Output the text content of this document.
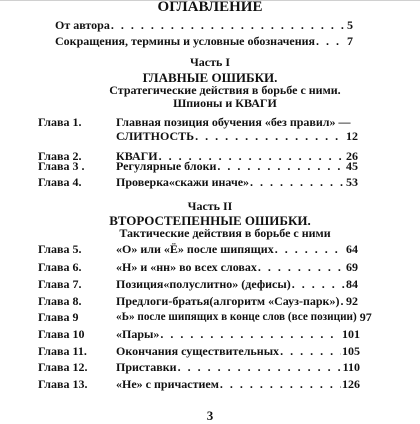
ОГЛАВЛЕНИЕ
От автора . . .	5
Сокращения, термины и условные обозначения . . .	7
Часть I
ГЛАВНЫЕ ОШИБКИ.
Стратегические действия в борьбе с ними.
Шпионы и КВАГИ
Глава 1.	Главная позиция обучения «без правил» —
СЛИТНОСТЬ . . .	12
Глава 2.	КВАГИ . . .	26
Глава 3 .	Регулярные блоки . . .	45
Глава 4.	Проверка«скажи иначе» . . .	53
Часть II
ВТОРОСТЕПЕННЫЕ ОШИБКИ.
Тактические действия в борьбе с ними
Глава 5.	«О» или «Ё» после шипящих . . .	64
Глава 6.	«Н» и «нн» во всех словах . . .	69
Глава 7.	Позиция«полуслитно» (дефисы) . . .	84
Глава 8.	Предлоги-братья(алгоритм «Сауз-парк») . . . 92
Глава 9	«Ь» после шипящих в конце слов (все позиции) 97
Глава 10	«Пары» . . .	101
Глава 11. Окончания существительных . . .	105
Глава 12. Приставки . . .	110
Глава 13. «Не» с причастием . . .	126
3
